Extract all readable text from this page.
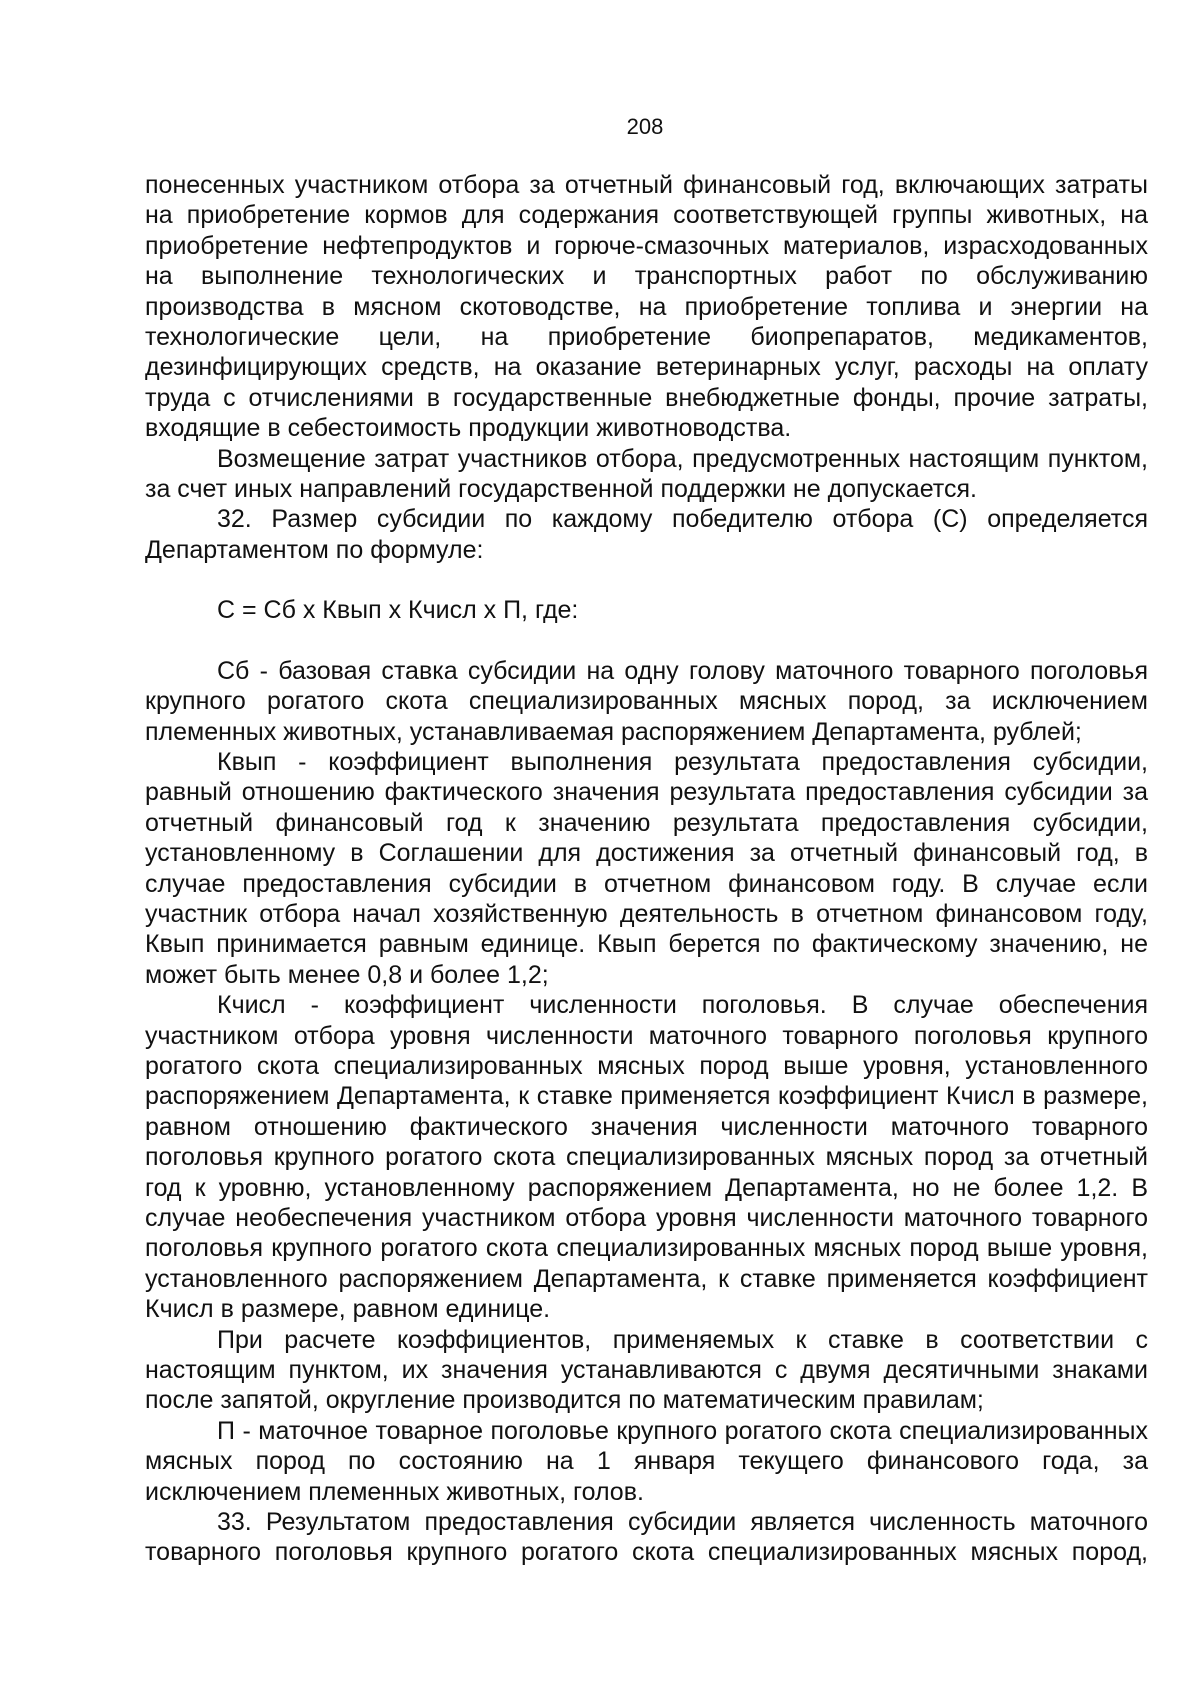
208

понесенных участником отбора за отчетный финансовый год, включающих затраты на приобретение кормов для содержания соответствующей группы животных, на приобретение нефтепродуктов и горюче-смазочных материалов, израсходованных на выполнение технологических и транспортных работ по обслуживанию производства в мясном скотоводстве, на приобретение топлива и энергии на технологические цели, на приобретение биопрепаратов, медикаментов, дезинфицирующих средств, на оказание ветеринарных услуг, расходы на оплату труда с отчислениями в государственные внебюджетные фонды, прочие затраты, входящие в себестоимость продукции животноводства.

Возмещение затрат участников отбора, предусмотренных настоящим пунктом, за счет иных направлений государственной поддержки не допускается.

32. Размер субсидии по каждому победителю отбора (С) определяется Департаментом по формуле:

С = Сб х Квып х Кчисл х П, где:

Сб - базовая ставка субсидии на одну голову маточного товарного поголовья крупного рогатого скота специализированных мясных пород, за исключением племенных животных, устанавливаемая распоряжением Департамента, рублей;

Квып - коэффициент выполнения результата предоставления субсидии, равный отношению фактического значения результата предоставления субсидии за отчетный финансовый год к значению результата предоставления субсидии, установленному в Соглашении для достижения за отчетный финансовый год, в случае предоставления субсидии в отчетном финансовом году. В случае если участник отбора начал хозяйственную деятельность в отчетном финансовом году, Квып принимается равным единице. Квып берется по фактическому значению, не может быть менее 0,8 и более 1,2;

Кчисл - коэффициент численности поголовья. В случае обеспечения участником отбора уровня численности маточного товарного поголовья крупного рогатого скота специализированных мясных пород выше уровня, установленного распоряжением Департамента, к ставке применяется коэффициент Кчисл в размере, равном отношению фактического значения численности маточного товарного поголовья крупного рогатого скота специализированных мясных пород за отчетный год к уровню, установленному распоряжением Департамента, но не более 1,2. В случае необеспечения участником отбора уровня численности маточного товарного поголовья крупного рогатого скота специализированных мясных пород выше уровня, установленного распоряжением Департамента, к ставке применяется коэффициент Кчисл в размере, равном единице.

При расчете коэффициентов, применяемых к ставке в соответствии с настоящим пунктом, их значения устанавливаются с двумя десятичными знаками после запятой, округление производится по математическим правилам;

П - маточное товарное поголовье крупного рогатого скота специализированных мясных пород по состоянию на 1 января текущего финансового года, за исключением племенных животных, голов.

33. Результатом предоставления субсидии является численность маточного товарного поголовья крупного рогатого скота специализированных мясных пород,
